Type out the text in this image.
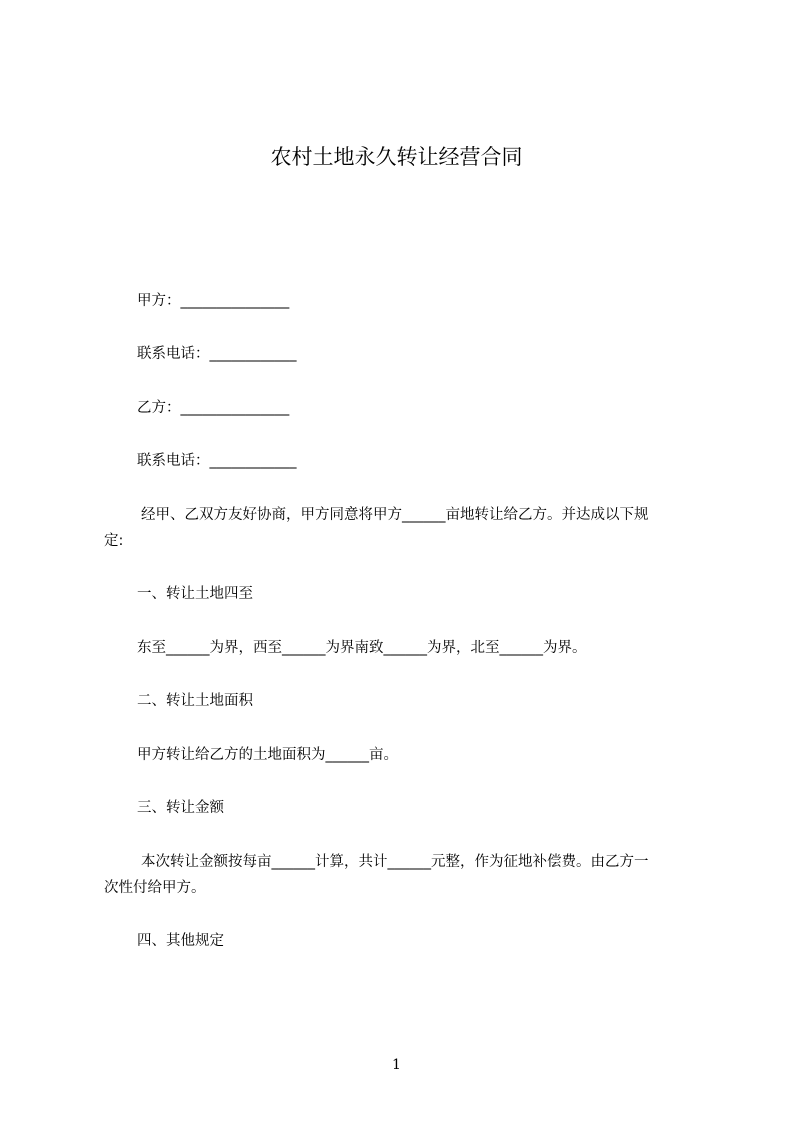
农村土地永久转让经营合同
甲方：_______________
联系电话：____________
乙方：_______________
联系电话：____________
经甲、乙双方友好协商，甲方同意将甲方______亩地转让给乙方。并达成以下规
定:
一、转让土地四至
东至______为界，西至______为界南致______为界，北至______为界。
二、转让土地面积
甲方转让给乙方的土地面积为______亩。
三、转让金额
本次转让金额按每亩______计算，共计______元整，作为征地补偿费。由乙方一
次性付给甲方。
四、其他规定
1
